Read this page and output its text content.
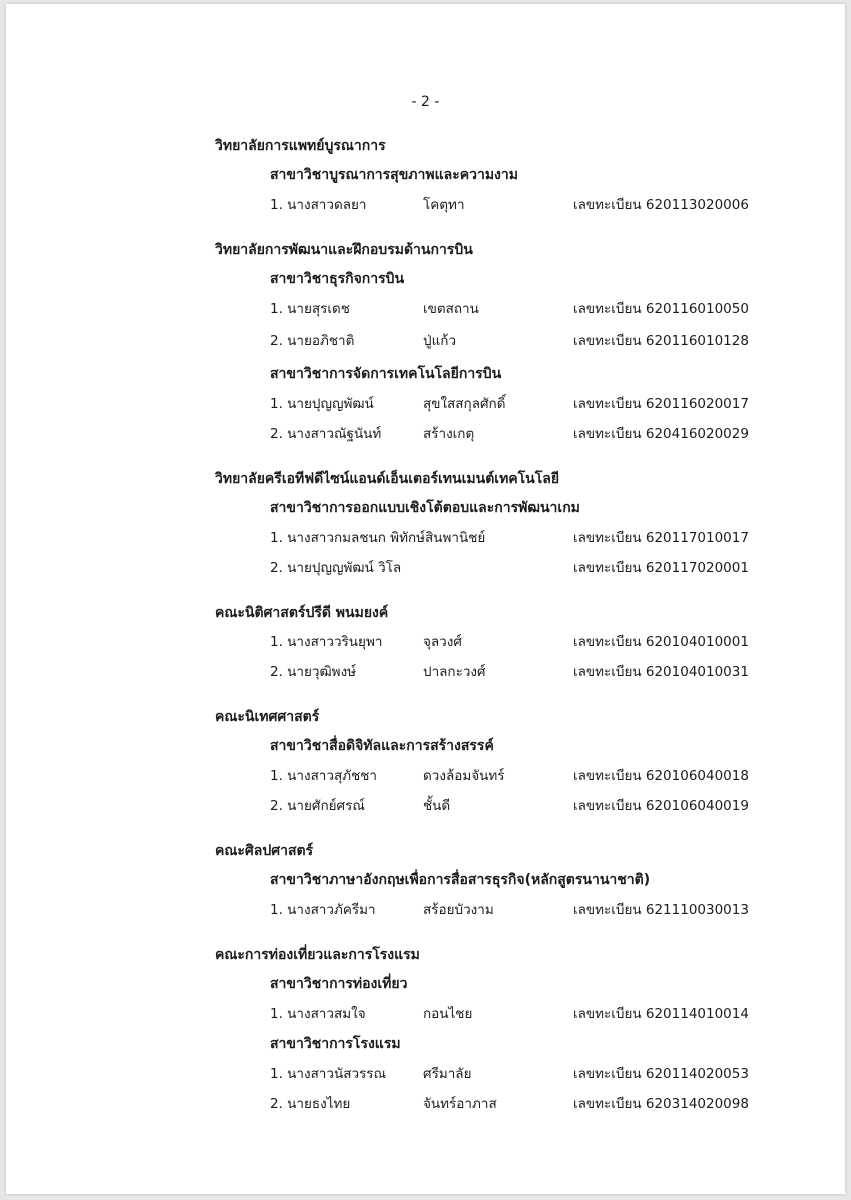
- 2 -
วิทยาลัยการแพทย์บูรณาการ
สาขาวิชาบูรณาการสุขภาพและความงาม
1. นางสาวดลยา	โคตุทา	เลขทะเบียน 620113020006
วิทยาลัยการพัฒนาและฝึกอบรมด้านการบิน
สาขาวิชาธุรกิจการบิน
1. นายสุรเดช	เขตสถาน	เลขทะเบียน 620116010050
2. นายอภิชาติ	ปู่แก้ว	เลขทะเบียน 620116010128
สาขาวิชาการจัดการเทคโนโลยีการบิน
1. นายปุญญพัฒน์	สุขใสสกุลศักดิ์	เลขทะเบียน 620116020017
2. นางสาวณัฐนันท์	สร้างเกตุ	เลขทะเบียน 620416020029
วิทยาลัยครีเอทีฟดีไซน์แอนด์เอ็นเตอร์เทนเมนต์เทคโนโลยี
สาขาวิชาการออกแบบเชิงโต้ตอบและการพัฒนาเกม
1. นางสาวกมลชนก พิทักษ์สินพานิชย์	เลขทะเบียน 620117010017
2. นายปุญญพัฒน์ วิโล	เลขทะเบียน 620117020001
คณะนิติศาสตร์ปรีดี พนมยงค์
1. นางสาววรินยุพา	จุลวงศ์	เลขทะเบียน 620104010001
2. นายวุฒิพงษ์	ปาลกะวงศ์	เลขทะเบียน 620104010031
คณะนิเทศศาสตร์
สาขาวิชาสื่อดิจิทัลและการสร้างสรรค์
1. นางสาวสุภัชชา	ดวงล้อมจันทร์	เลขทะเบียน 620106040018
2. นายศักย์ศรณ์	ชั้นดี	เลขทะเบียน 620106040019
คณะศิลปศาสตร์
สาขาวิชาภาษาอังกฤษเพื่อการสื่อสารธุรกิจ(หลักสูตรนานาชาติ)
1. นางสาวภัครีมา	สร้อยบัวงาม	เลขทะเบียน 621110030013
คณะการท่องเที่ยวและการโรงแรม
สาขาวิชาการท่องเที่ยว
1. นางสาวสมใจ	กอนไชย	เลขทะเบียน 620114010014
สาขาวิชาการโรงแรม
1. นางสาวนัสวรรณ	ศรีมาลัย	เลขทะเบียน 620114020053
2. นายธงไทย	จันทร์อาภาส	เลขทะเบียน 620314020098
